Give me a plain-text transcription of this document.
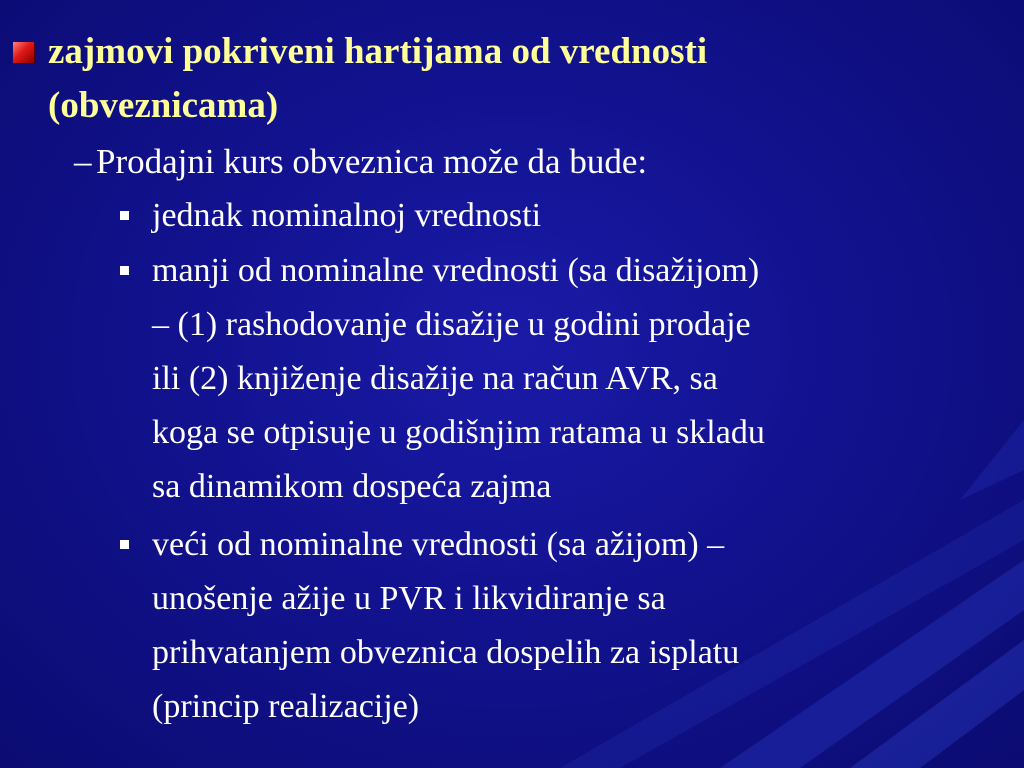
zajmovi pokriveni hartijama od vrednosti

(obveznicama)

– Prodajni kurs obveznica može da bude:

jednak nominalnoj vrednosti

manji od nominalne vrednosti (sa disažijom)

– (1) rashodovanje disažije u godini prodaje

ili (2) knjiženje disažije na račun AVR, sa

koga se otpisuje u godišnjim ratama u skladu

sa dinamikom dospeća zajma

veći od nominalne vrednosti (sa ažijom) –

unošenje ažije u PVR i likvidiranje sa

prihvatanjem obveznica dospelih za isplatu

(princip realizacije)
